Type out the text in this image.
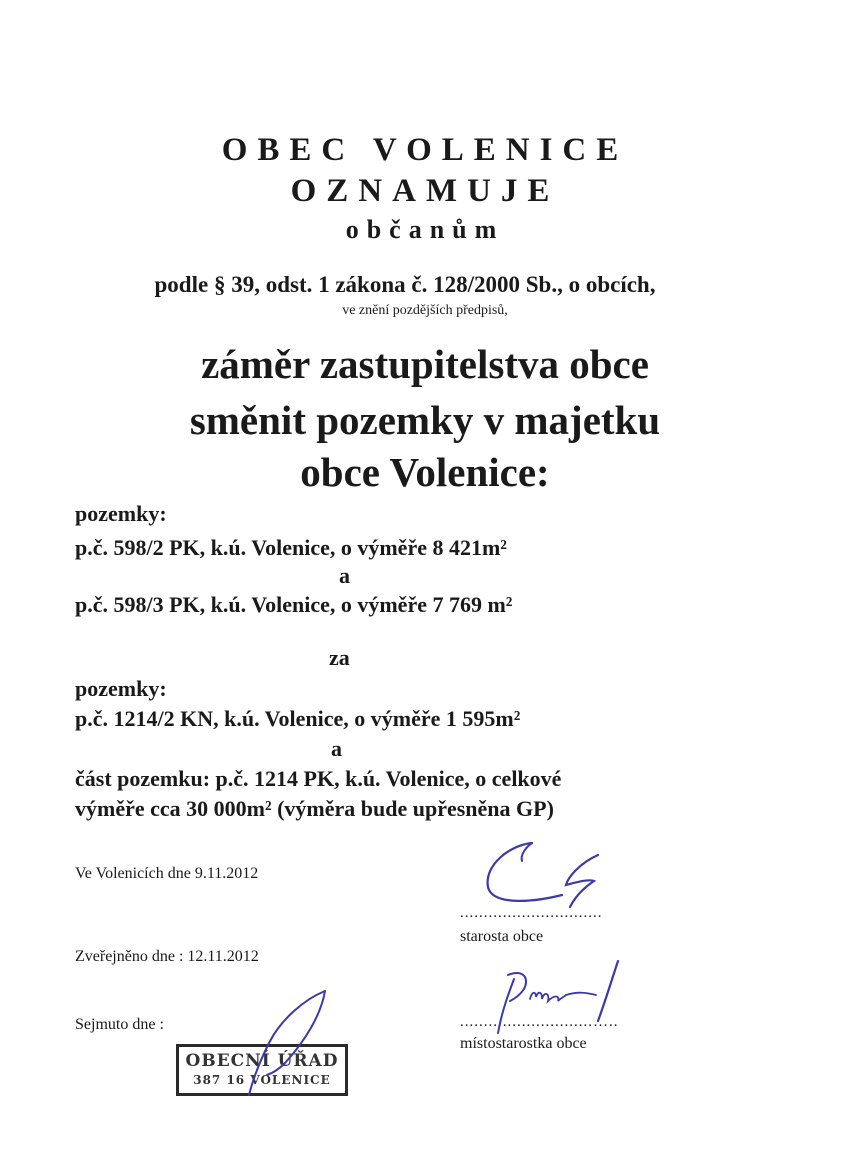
OBEC VOLENICE
OZNAMUJE
občanům
podle § 39, odst. 1 zákona č. 128/2000 Sb., o obcích,
ve znění pozdějších předpisů,
záměr zastupitelstva obce
směnit pozemky v majetku
obce Volenice:
pozemky:
p.č. 598/2 PK, k.ú. Volenice, o výměře 8 421m²
a
p.č. 598/3 PK, k.ú. Volenice, o výměře 7 769 m²
za
pozemky:
p.č. 1214/2 KN, k.ú. Volenice, o výměře 1 595m²
a
část pozemku: p.č. 1214 PK, k.ú. Volenice, o celkové
výměře cca 30 000m² (výměra bude upřesněna GP)
Ve Volenicích dne 9.11.2012
Zveřejněno dne : 12.11.2012
Sejmuto dne :
..............................
starosta obce
............................…..
místostarostka obce
OBECNÍ ÚŘAD
387 16 VOLENICE
